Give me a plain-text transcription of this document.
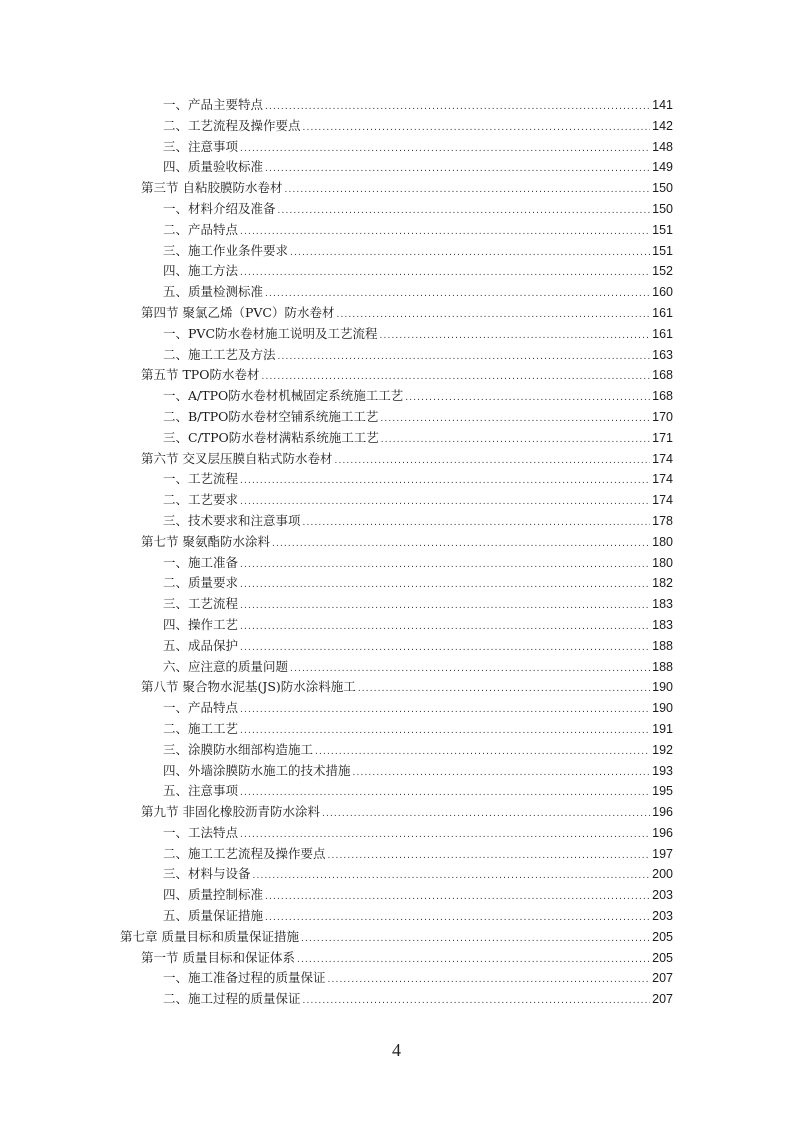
一、产品主要特点 .....	141
二、工艺流程及操作要点 .....	142
三、注意事项 .....	148
四、质量验收标准 .....	149
第三节 自粘胶膜防水卷材 .....	150
一、材料介绍及准备 .....	150
二、产品特点 .....	151
三、施工作业条件要求 .....	151
四、施工方法 .....	152
五、质量检测标准 .....	160
第四节 聚氯乙烯（PVC）防水卷材 .....	161
一、PVC防水卷材施工说明及工艺流程 .....	161
二、施工工艺及方法 .....	163
第五节 TPO防水卷材 .....	168
一、A/TPO防水卷材机械固定系统施工工艺 .....	168
二、B/TPO防水卷材空铺系统施工工艺 .....	170
三、C/TPO防水卷材满粘系统施工工艺 .....	171
第六节 交叉层压膜自粘式防水卷材 .....	174
一、工艺流程 .....	174
二、工艺要求 .....	174
三、技术要求和注意事项 .....	178
第七节 聚氨酯防水涂料 .....	180
一、施工准备 .....	180
二、质量要求 .....	182
三、工艺流程 .....	183
四、操作工艺 .....	183
五、成品保护 .....	188
六、应注意的质量问题 .....	188
第八节 聚合物水泥基(JS)防水涂料施工 .....	190
一、产品特点 .....	190
二、施工工艺 .....	191
三、涂膜防水细部构造施工 .....	192
四、外墙涂膜防水施工的技术措施 .....	193
五、注意事项 .....	195
第九节 非固化橡胶沥青防水涂料 .....	196
一、工法特点 .....	196
二、施工工艺流程及操作要点 .....	197
三、材料与设备 .....	200
四、质量控制标准 .....	203
五、质量保证措施 .....	203
第七章 质量目标和质量保证措施 .....	205
第一节 质量目标和保证体系 .....	205
一、施工准备过程的质量保证 .....	207
二、施工过程的质量保证 .....	207
4
